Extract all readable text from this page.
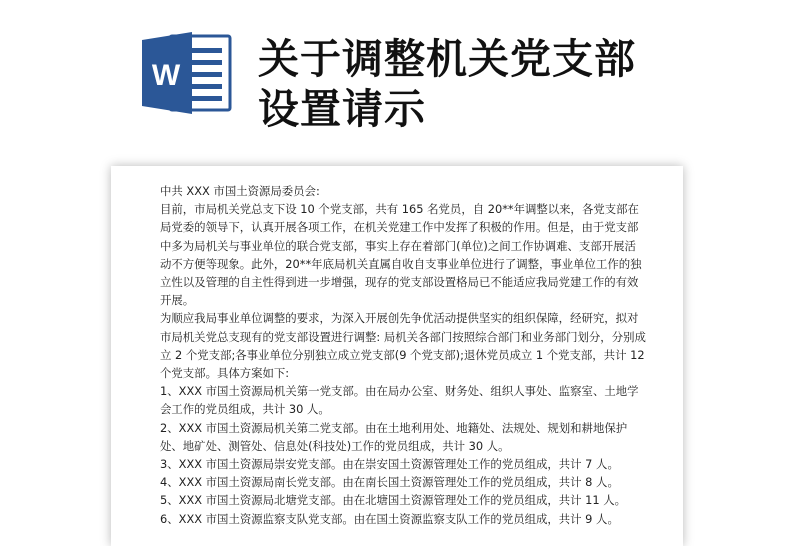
W 关于调整机关党支部
设置请示

中共 XXX 市国土资源局委员会:

目前，市局机关党总支下设 10 个党支部，共有 165 名党员，自 20**年调整以来，各党支部在局党委的领导下，认真开展各项工作，在机关党建工作中发挥了积极的作用。但是，由于党支部中多为局机关与事业单位的联合党支部，事实上存在着部门(单位)之间工作协调难、支部开展活动不方便等现象。此外，20**年底局机关直属自收自支事业单位进行了调整，事业单位工作的独立性以及管理的自主性得到进一步增强，现存的党支部设置格局已不能适应我局党建工作的有效开展。

为顺应我局事业单位调整的要求，为深入开展创先争优活动提供坚实的组织保障，经研究，拟对市局机关党总支现有的党支部设置进行调整: 局机关各部门按照综合部门和业务部门划分，分别成立 2 个党支部;各事业单位分别独立成立党支部(9 个党支部);退休党员成立 1 个党支部，共计 12 个党支部。具体方案如下:

1、XXX 市国土资源局机关第一党支部。由在局办公室、财务处、组织人事处、监察室、土地学会工作的党员组成，共计 30 人。

2、XXX 市国土资源局机关第二党支部。由在土地利用处、地籍处、法规处、规划和耕地保护处、地矿处、测管处、信息处(科技处)工作的党员组成，共计 30 人。

3、XXX 市国土资源局崇安党支部。由在崇安国土资源管理处工作的党员组成，共计 7 人。

4、XXX 市国土资源局南长党支部。由在南长国土资源管理处工作的党员组成，共计 8 人。

5、XXX 市国土资源局北塘党支部。由在北塘国土资源管理处工作的党员组成，共计 11 人。

6、XXX 市国土资源监察支队党支部。由在国土资源监察支队工作的党员组成，共计 9 人。
